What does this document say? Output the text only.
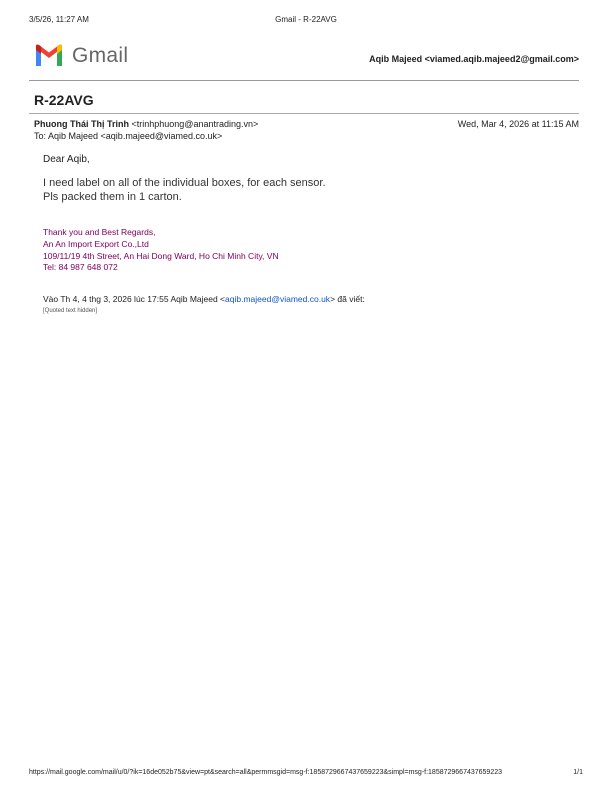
3/5/26, 11:27 AM	Gmail - R-22AVG
Gmail	Aqib Majeed <viamed.aqib.majeed2@gmail.com>
R-22AVG
Phuong Thái Thị Trinh <trinhphuong@anantrading.vn>	Wed, Mar 4, 2026 at 11:15 AM
To: Aqib Majeed <aqib.majeed@viamed.co.uk>
Dear Aqib,
I need label on all of the individual boxes, for each sensor.
Pls packed them in 1 carton.
Thank you and Best Regards,
An An Import Export Co.,Ltd
109/11/19 4th Street, An Hai Dong Ward, Ho Chi Minh City, VN
Tel: 84 987 648 072
Vào Th 4, 4 thg 3, 2026 lúc 17:55 Aqib Majeed <aqib.majeed@viamed.co.uk> đã viết:
[Quoted text hidden]
https://mail.google.com/mail/u/0/?ik=16de052b75&view=pt&search=all&permmsgid=msg-f:1858729667437659223&simpl=msg-f:1858729667437659223	1/1
